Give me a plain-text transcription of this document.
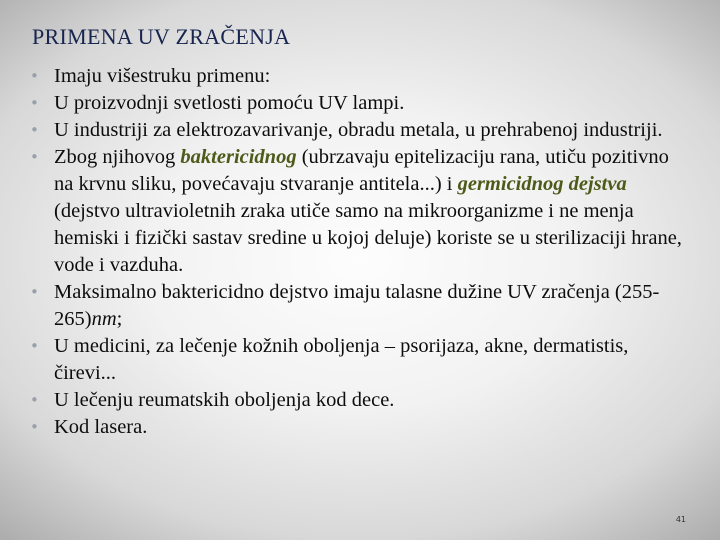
PRIMENA UV ZRAČENJA
• Imaju višestruku primenu:
• U proizvodnji svetlosti pomoću UV lampi.
• U industriji za elektrozavarivanje, obradu metala, u prehrabenoj industriji.
• Zbog njihovog baktericidnog (ubrzavaju epitelizaciju rana, utiču pozitivno na krvnu sliku, povećavaju stvaranje antitela...) i germicidnog dejstva (dejstvo ultravioletnih zraka utiče samo na mikroorganizme i ne menja hemiski i fizički sastav sredine u kojoj deluje) koriste se u sterilizaciji hrane, vode i vazduha.
• Maksimalno baktericidno dejstvo imaju talasne dužine UV zračenja (255-265)nm;
• U medicini, za lečenje kožnih oboljenja – psorijaza, akne, dermatistis, čirevi...
• U lečenju reumatskih oboljenja kod dece.
• Kod lasera.
41
